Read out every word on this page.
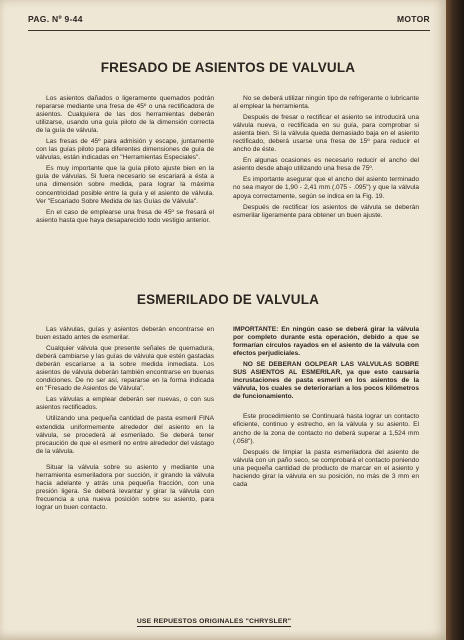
PAG. Nº 9-44	MOTOR
FRESADO DE ASIENTOS DE VALVULA

Los asientos dañados o ligeramente quemados podrán repararse mediante una fresa de 45º o una rectificadora de asientos. Cualquiera de las dos herramientas deberán utilizarse, usando una guía piloto de la dimensión correcta de la guía de válvula.

Las fresas de 45º para admisión y escape, juntamente con las guías piloto para diferentes dimensiones de guía de válvulas, están indicadas en "Herramientas Especiales".

Es muy importante que la guía piloto ajuste bien en la guía de válvulas. Si fuera necesario se escariará a ésta a una dimensión sobre medida, para lograr la máxima concentricidad posible entre la guía y el asiento de válvula. Ver "Escariado Sobre Medida de las Guías de Válvula".

En el caso de emplearse una fresa de 45º se fresará el asiento hasta que haya desaparecido todo vestigio anterior.

No se deberá utilizar ningún tipo de refrigerante o lubricante al emplear la herramienta.

Después de fresar o rectificar el asiento se introducirá una válvula nueva, o rectificada en su guía, para comprobar si asienta bien. Si la válvula queda demasiado baja en el asiento rectificado, deberá usarse una fresa de 15º para reducir el ancho de éste.

En algunas ocasiones es necesario reducir el ancho del asiento desde abajo utilizando una fresa de 75º.

Es importante asegurar que el ancho del asiento terminado no sea mayor de 1,90 - 2,41 mm (.075 - .095") y que la válvula apoya correctamente, según se indica en la Fig. 19.

Después de rectificar los asientos de válvula se deberán esmerilar ligeramente para obtener un buen ajuste.

ESMERILADO DE VALVULA

Las válvulas, guías y asientos deberán encontrarse en buen estado antes de esmerilar.

Cualquier válvula que presente señales de quemadura, deberá cambiarse y las guías de válvula que estén gastadas deberán escariarse a la sobre medida inmediata. Los asientos de válvula deberán también encontrarse en buenas condiciones. De no ser así, repararse en la forma indicada en "Fresado de Asientos de Válvula".

Las válvulas a emplear deberán ser nuevas, o con sus asientos rectificados.

Utilizando una pequeña cantidad de pasta esmeril FINA extendida uniformemente alrededor del asiento en la válvula, se procederá al esmerilado. Se deberá tener precaución de que el esmeril no entre alrededor del vástago de la válvula.

Situar la válvula sobre su asiento y mediante una herramienta esmeriladora por succión, ir girando la válvula hacia adelante y atrás una pequeña fracción, con una presión ligera. Se deberá levantar y girar la válvula con frecuencia a una nueva posición sobre su asiento, para lograr un buen contacto.

IMPORTANTE: En ningún caso se deberá girar la válvula por completo durante esta operación, debido a que se formarían círculos rayados en el asiento de la válvula con efectos perjudiciales.

NO SE DEBERAN GOLPEAR LAS VALVULAS SOBRE SUS ASIENTOS AL ESMERILAR, ya que esto causaría incrustaciones de pasta esmeril en los asientos de la válvula, los cuales se deteriorarían a los pocos kilómetros de funcionamiento.

Este procedimiento se Continuará hasta lograr un contacto eficiente, continuo y estrecho, en la válvula y su asiento. El ancho de la zona de contacto no deberá superar a 1,524 mm (.058").

Después de limpiar la pasta esmeriladora del asiento de válvula con un paño seco, se comprobará el contacto poniendo una pequeña cantidad de producto de marcar en el asiento y haciendo girar la válvula en su posición, no más de 3 mm en cada

USE REPUESTOS ORIGINALES "CHRYSLER"
